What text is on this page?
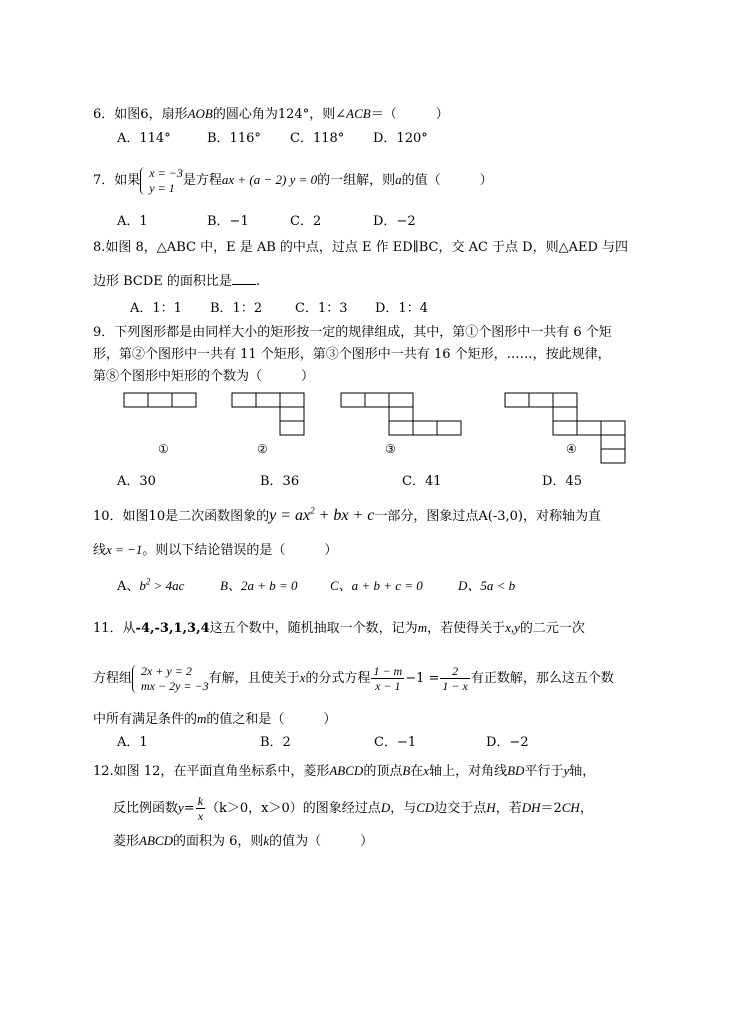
6．如图6，扇形AOB的圆心角为124°，则∠ACB＝（　　　）
A．114°	B．116° C．118° D．120°
7．如果
x = −3
y = 1 是方程ax + (a − 2) y = 0的一组解，则a的值（　　　）
A．1	B．−1	C．2	D．−2
8.如图 8，△ABC 中，E 是 AB 的中点，过点 E 作 ED∥BC，交 AC 于点 D，则△AED 与四
边形 BCDE 的面积比是 .
A．1：1 B．1：2	C．1：3 D．1：4
9．下列图形都是由同样大小的矩形按一定的规律组成，其中，第①个图形中一共有 6 个矩
形，第②个图形中一共有 11 个矩形，第③个图形中一共有 16 个矩形，……，按此规律，
第⑧个图形中矩形的个数为（　　　）
①	②	③	④
A．30	B．36	C．41	D．45
10．如图10是二次函数图象的$y = ax^2$ + bx + c一部分，图象过点A(-3,0)，对称轴为直
线x = −1。则以下结论错误的是（　　　）
A、$b^2 > 4ac$	B、2a + b = 0	C、a + b + c = 0	D、5a < b
11．从-4,-3,1,3,4这五个数中，随机抽取一个数，记为m，若使得关于x,y的二元一次
方程组
2x + y = 2
mx − 2y = −3 有解，且使关于x的分式方程 $\frac{1 - m}{x - 1} -1 = \frac{2}{1 - x}$ 有正数解，那么这五个数
中所有满足条件的m的值之和是（　　　）
A．1	B．2	C．−1	D．−2
12.如图 12，在平面直角坐标系中，菱形ABCD的顶点B在x轴上，对角线BD平行于y轴，
反比例函数$y= \frac{k}{x} (k>0$，x＞0）的图象经过点D，与CD边交于点H，若DH＝2CH，
菱形ABCD的面积为 6，则k的值为（　　　）
